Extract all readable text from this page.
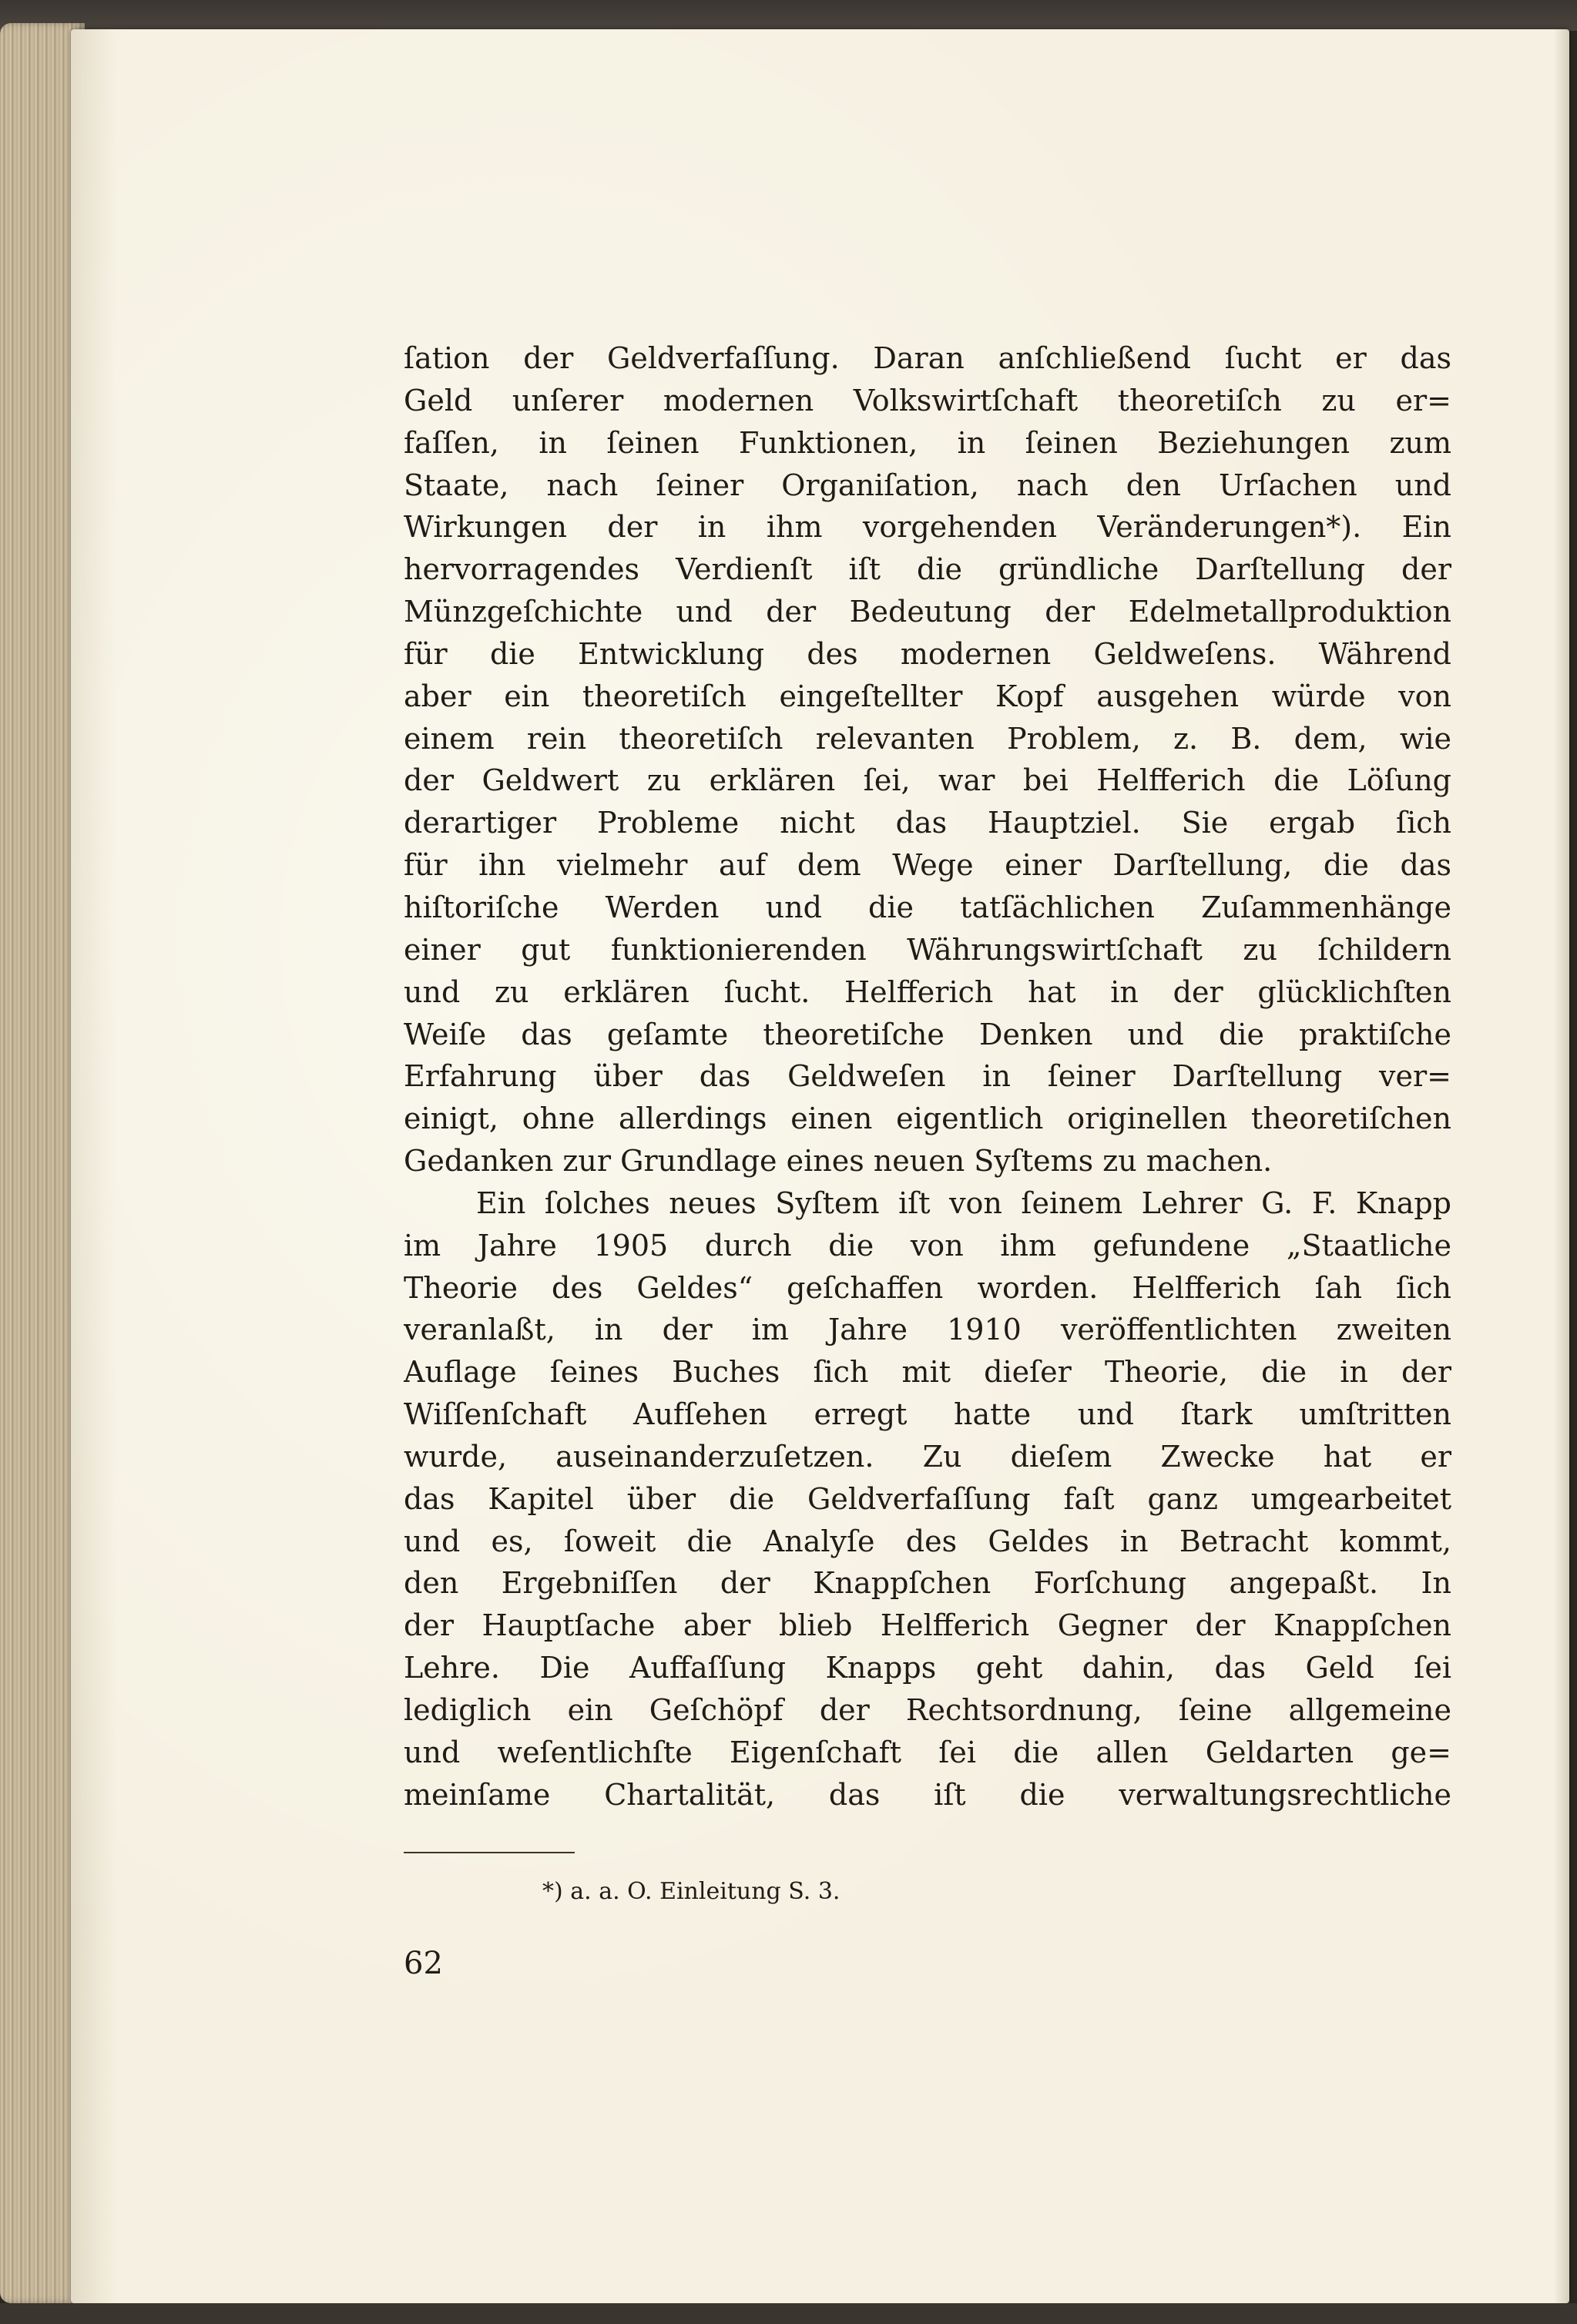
ſation der Geldverfaſſung. Daran anſchließend ſucht er das
Geld unſerer modernen Volkswirtſchaft theoretiſch zu er=
faſſen, in ſeinen Funktionen, in ſeinen Beziehungen zum
Staate, nach ſeiner Organiſation, nach den Urſachen und
Wirkungen der in ihm vorgehenden Veränderungen*). Ein
hervorragendes Verdienſt iſt die gründliche Darſtellung der
Münzgeſchichte und der Bedeutung der Edelmetallproduktion
für die Entwicklung des modernen Geldweſens. Während
aber ein theoretiſch eingeſtellter Kopf ausgehen würde von
einem rein theoretiſch relevanten Problem, z. B. dem, wie
der Geldwert zu erklären ſei, war bei Helfferich die Löſung
derartiger Probleme nicht das Hauptziel. Sie ergab ſich
für ihn vielmehr auf dem Wege einer Darſtellung, die das
hiſtoriſche Werden und die tatſächlichen Zuſammenhänge
einer gut funktionierenden Währungswirtſchaft zu ſchildern
und zu erklären ſucht. Helfferich hat in der glücklichſten
Weiſe das geſamte theoretiſche Denken und die praktiſche
Erfahrung über das Geldweſen in ſeiner Darſtellung ver=
einigt, ohne allerdings einen eigentlich originellen theoretiſchen
Gedanken zur Grundlage eines neuen Syſtems zu machen.
Ein ſolches neues Syſtem iſt von ſeinem Lehrer G. F. Knapp
im Jahre 1905 durch die von ihm gefundene „Staatliche
Theorie des Geldes“ geſchaffen worden. Helfferich ſah ſich
veranlaßt, in der im Jahre 1910 veröffentlichten zweiten
Auflage ſeines Buches ſich mit dieſer Theorie, die in der
Wiſſenſchaft Aufſehen erregt hatte und ſtark umſtritten
wurde, auseinanderzuſetzen. Zu dieſem Zwecke hat er
das Kapitel über die Geldverfaſſung faſt ganz umgearbeitet
und es, ſoweit die Analyſe des Geldes in Betracht kommt,
den Ergebniſſen der Knappſchen Forſchung angepaßt. In
der Hauptſache aber blieb Helfferich Gegner der Knappſchen
Lehre. Die Auffaſſung Knapps geht dahin, das Geld ſei
lediglich ein Geſchöpf der Rechtsordnung, ſeine allgemeine
und weſentlichſte Eigenſchaft ſei die allen Geldarten ge=
meinſame Chartalität, das iſt die verwaltungsrechtliche
*) a. a. O. Einleitung S. 3.
62
